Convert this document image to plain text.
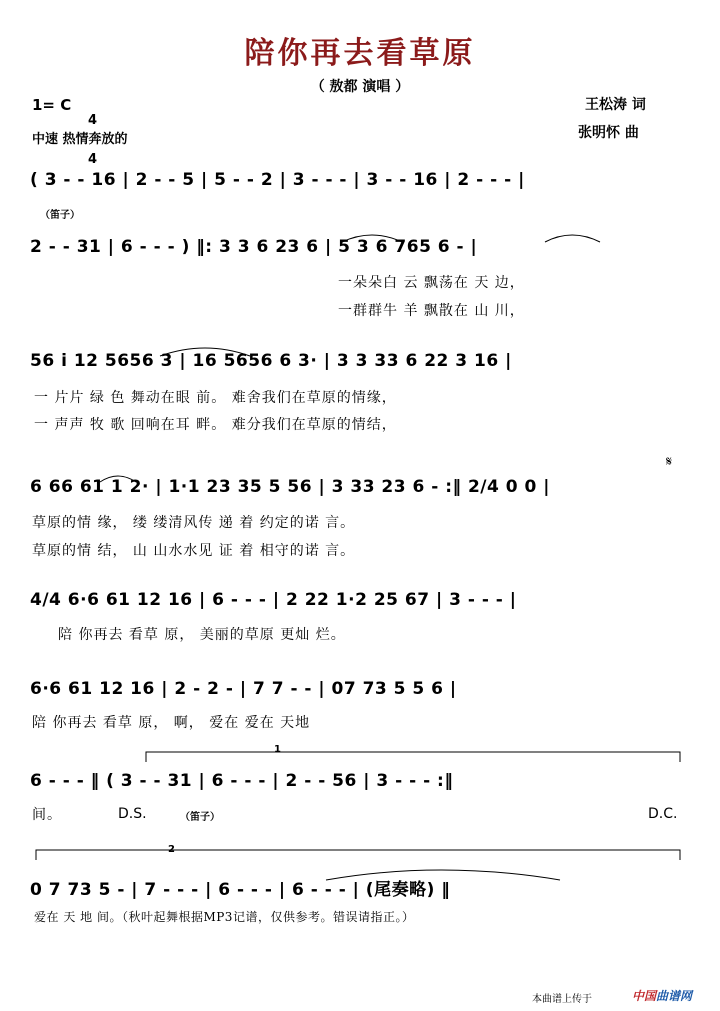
陪你再去看草原
（ 敖都 演唱 ）
1= C

4

4

中速 热情奔放的
王松涛 词
张明怀 曲
( 3 - - 16 | 2 - - 5 | 5 - - 2 | 3 - - - | 3 - - 16 | 2 - - - |
（笛子）
2 - - 31 | 6 - - - ) ‖: 3 3 6 23 6 | 5 3 6 765 6 - |
一朵朵白 云 飘荡在 天 边，
一群群牛 羊 飘散在 山 川，
56 i 12 5656 3 | 16 5656 6 3· | 3 3 33 6 22 3 16 |
一 片片 绿 色 舞动在眼 前。 难舍我们在草原的情缘，
一 声声 牧 歌 回响在耳 畔。 难分我们在草原的情结，
6 66 61 1 2· | 1·1 23 35 5 56 | 3 33 23 6 - :‖ 2/4 0 0 |
草原的情 缘， 缕 缕清风传 递 着 约定的诺 言。
草原的情 结， 山 山水水见 证 着 相守的诺 言。
𝄋
4/4 6·6 61 12 16 | 6 - - - | 2 22 1·2 25 67 | 3 - - - |
陪 你再去 看草 原， 美丽的草原 更灿 烂。
6·6 61 12 16 | 2 - 2 - | 7 7 - - | 07 73 5 5 6 |
陪 你再去 看草 原， 啊， 爱在 爱在 天地
6 - - - ‖ ( 3 - - 31 | 6 - - - | 2 - - 56 | 3 - - - :‖
间。	D.S.	（笛子）	D.C.
0 7 73 5 - | 7 - - - | 6 - - - | 6 - - - | (尾奏略) ‖
爱在 天 地 间。（秋叶起舞根据MP3记谱，仅供参考。错误请指正。）
1
2
本曲谱上传于	中国曲谱网
